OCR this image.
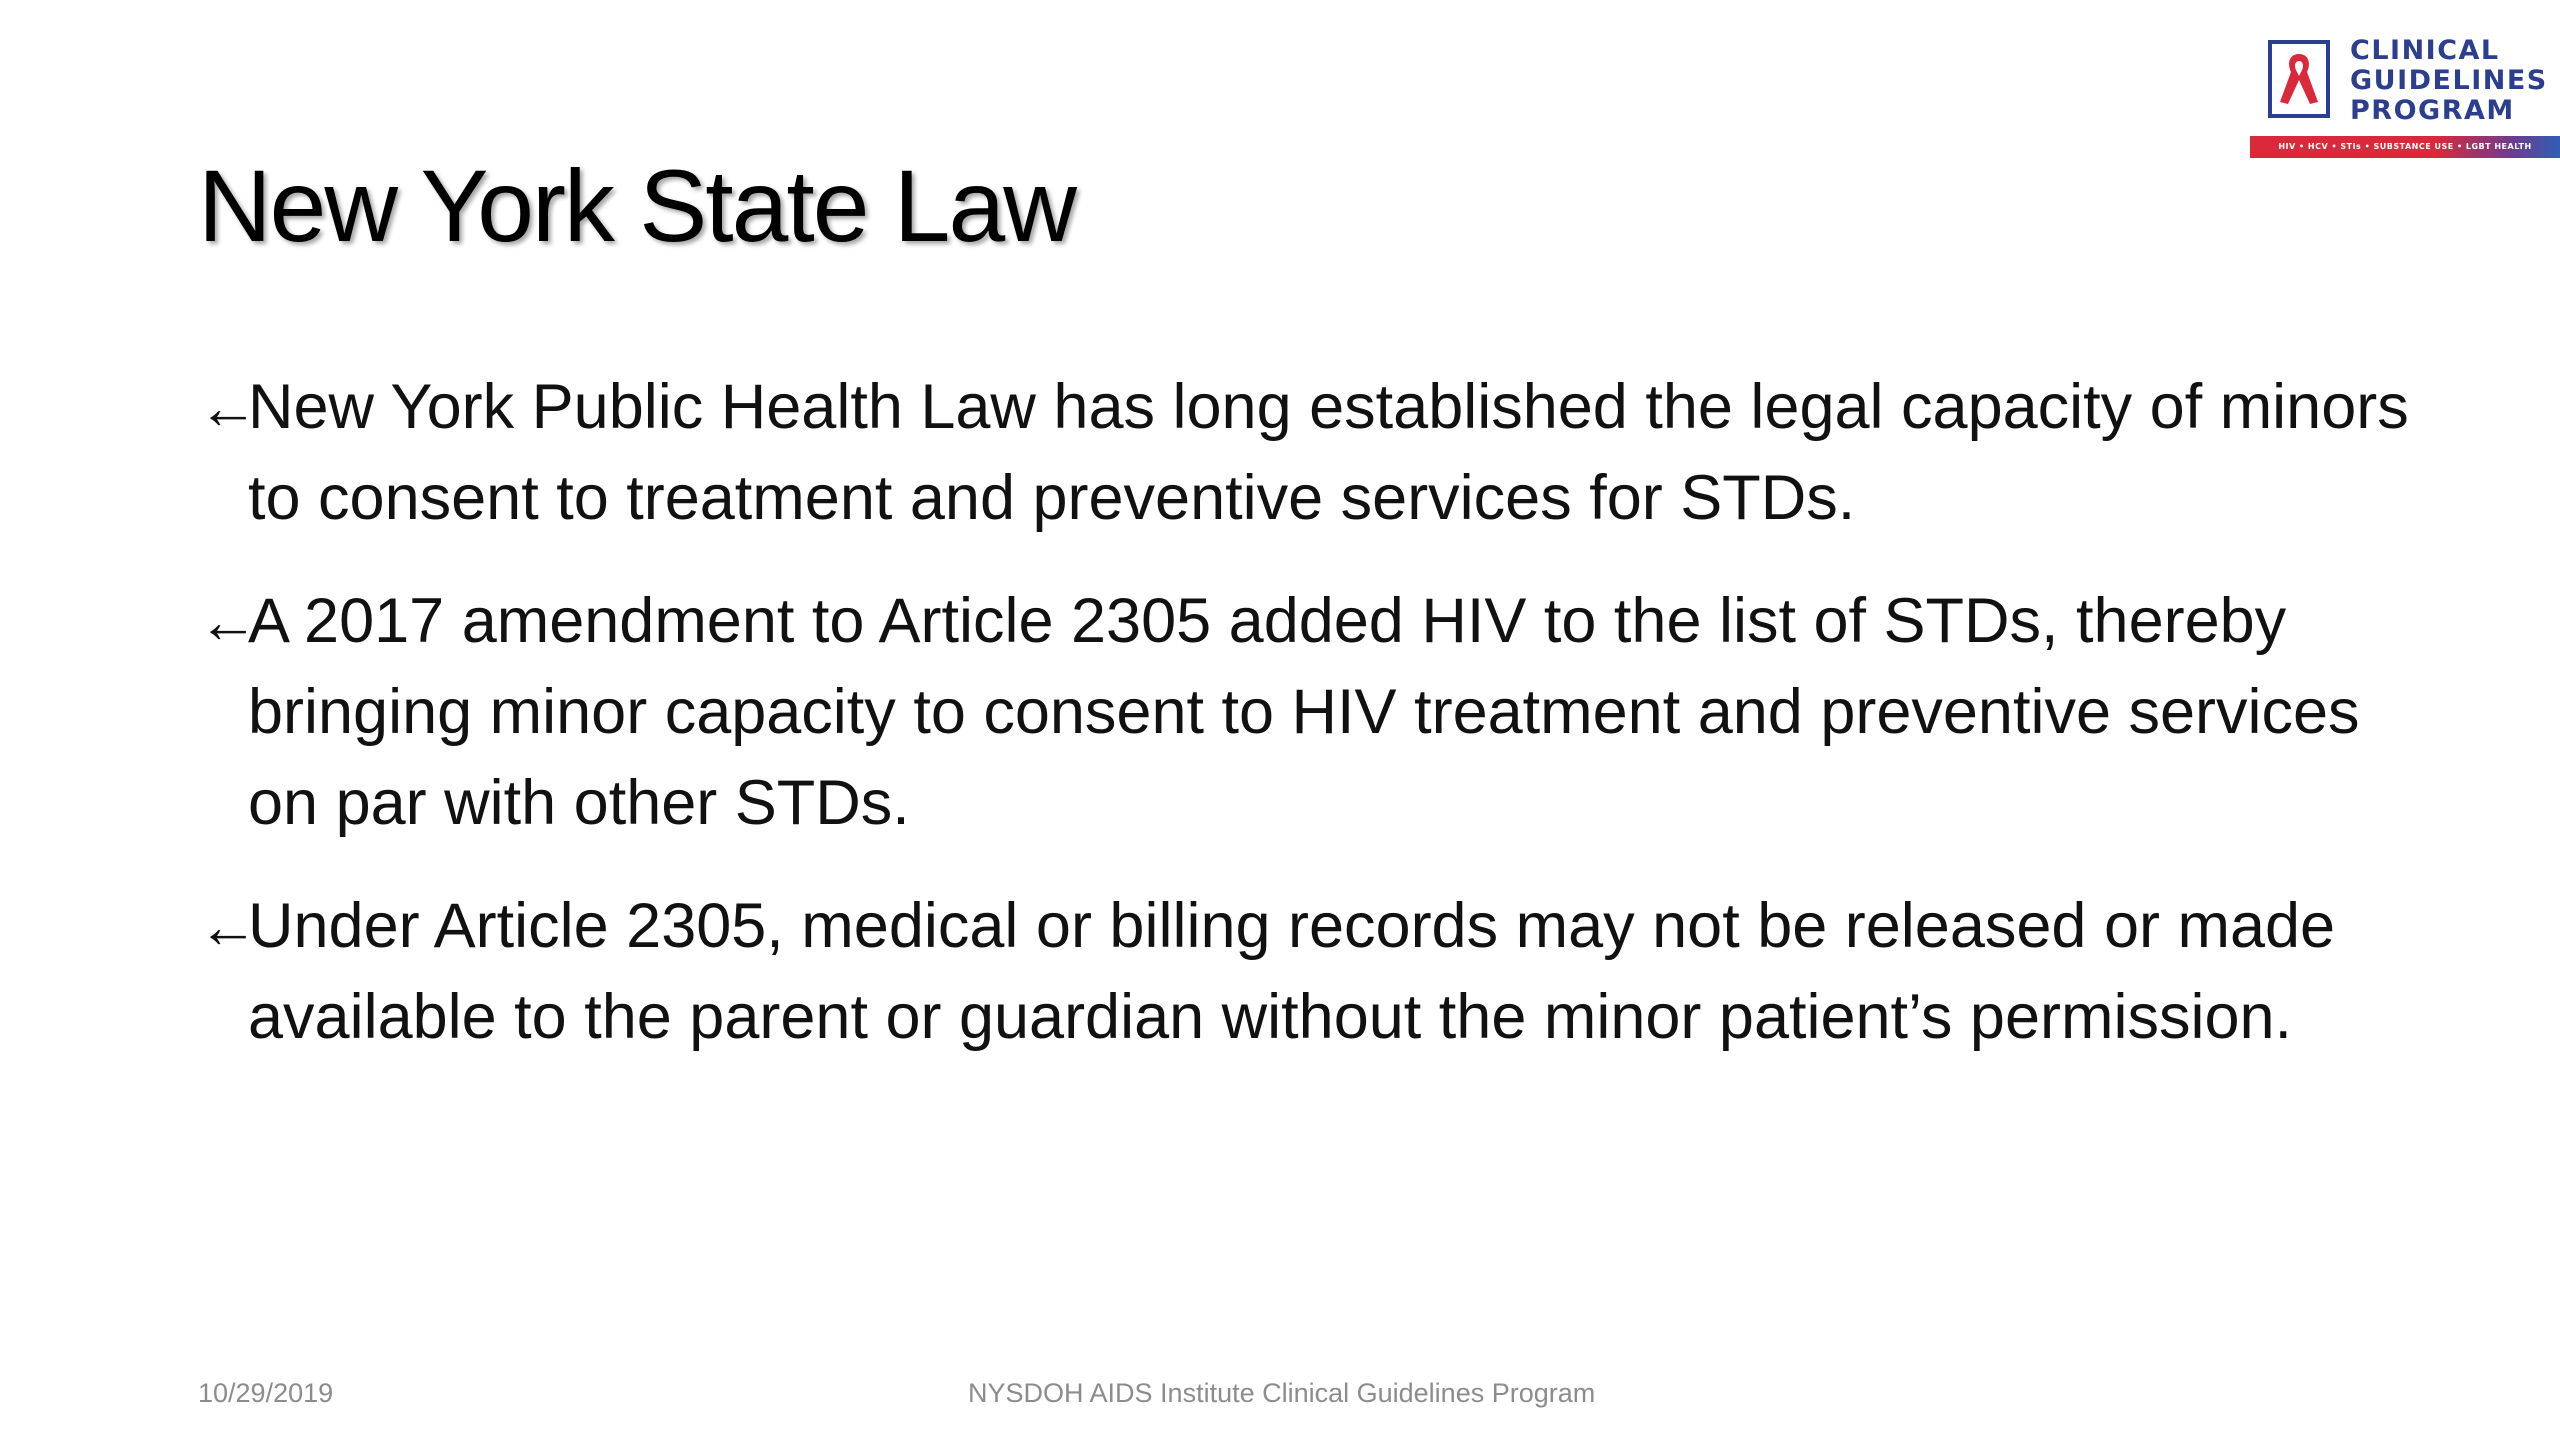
CLINICAL
GUIDELINES
PROGRAM
HIV • HCV • STIs • SUBSTANCE USE • LGBT HEALTH
New York State Law
←
New York Public Health Law has long established the legal capacity of minors to consent to treatment and preventive services for STDs.
←
A 2017 amendment to Article 2305 added HIV to the list of STDs, thereby bringing minor capacity to consent to HIV treatment and preventive services on par with other STDs.
←
Under Article 2305, medical or billing records may not be released or made available to the parent or guardian without the minor patient’s permission.
10/29/2019	NYSDOH AIDS Institute Clinical Guidelines Program
